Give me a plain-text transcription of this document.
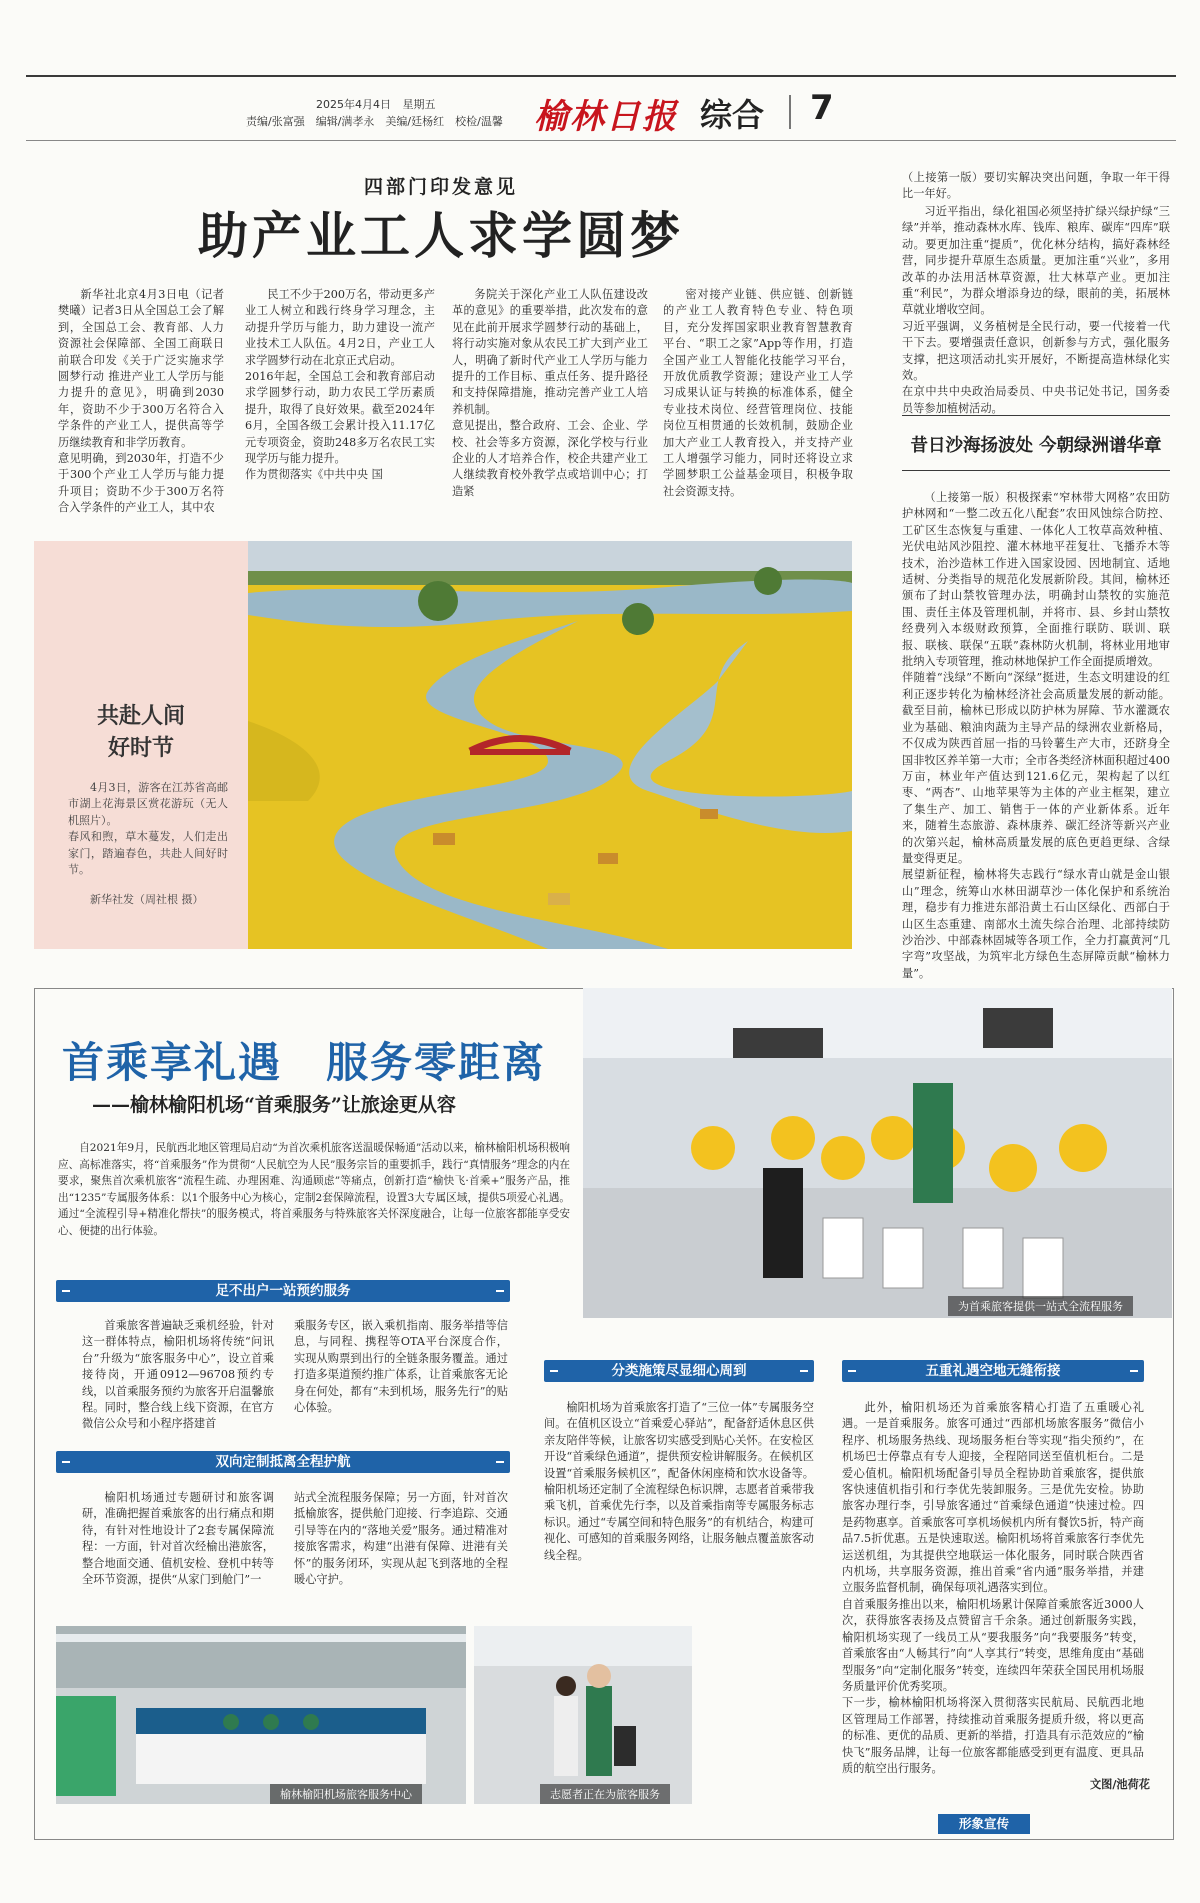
2025年4月4日 星期五
责编/张富强　编辑/满孝永　美编/廷杨红　校检/温馨 榆林日报 综合 7
四部门印发意见
助产业工人求学圆梦
新华社北京4月3日电（记者 樊曦）记者3日从全国总工会了解到，全国总工会、教育部、人力资源社会保障部、全国工商联日前联合印发《关于广泛实施求学圆梦行动 推进产业工人学历与能力提升的意见》，明确到2030年，资助不少于300万名符合入学条件的产业工人，提供高等学历继续教育和非学历教育。
意见明确，到2030年，打造不少于300个产业工人学历与能力提升项目；资助不少于300万名符合入学条件的产业工人，其中农
民工不少于200万名，带动更多产业工人树立和践行终身学习理念，主动提升学历与能力，助力建设一流产业技术工人队伍。4月2日，产业工人求学圆梦行动在北京正式启动。
2016年起，全国总工会和教育部启动求学圆梦行动，助力农民工学历素质提升，取得了良好效果。截至2024年6月，全国各级工会累计投入11.17亿元专项资金，资助248多万名农民工实现学历与能力提升。
作为贯彻落实《中共中央 国
务院关于深化产业工人队伍建设改革的意见》的重要举措，此次发布的意见在此前开展求学圆梦行动的基础上，将行动实施对象从农民工扩大到产业工人，明确了新时代产业工人学历与能力提升的工作目标、重点任务、提升路径和支持保障措施，推动完善产业工人培养机制。
意见提出，整合政府、工会、企业、学校、社会等多方资源，深化学校与行业企业的人才培养合作，校企共建产业工人继续教育校外教学点或培训中心；打造紧
密对接产业链、供应链、创新链的产业工人教育特色专业、特色项目，充分发挥国家职业教育智慧教育平台、“职工之家”App等作用，打造全国产业工人智能化技能学习平台，开放优质教学资源；建设产业工人学习成果认证与转换的标准体系，健全专业技术岗位、经营管理岗位、技能岗位互相贯通的长效机制，鼓励企业加大产业工人教育投入，并支持产业工人增强学习能力，同时还将设立求学圆梦职工公益基金项目，积极争取社会资源支持。
共赴人间
好时节
4月3日，游客在江苏省高邮市湖上花海景区赏花游玩（无人机照片）。
春风和煦，草木蔓发，人们走出家门，踏遍春色，共赴人间好时节。
新华社发（周社根 摄）
（上接第一版）要切实解决突出问题，争取一年干得比一年好。
习近平指出，绿化祖国必须坚持扩绿兴绿护绿“三绿”并举，推动森林水库、钱库、粮库、碳库“四库”联动。要更加注重“提质”，优化林分结构，搞好森林经营，同步提升草原生态质量。更加注重“兴业”，多用改革的办法用活林草资源，壮大林草产业。更加注重“利民”，为群众增添身边的绿，眼前的美，拓展林草就业增收空间。
习近平强调，义务植树是全民行动，要一代接着一代干下去。要增强责任意识，创新参与方式，强化服务支撑，把这项活动扎实开展好，不断提高造林绿化实效。
在京中共中央政治局委员、中央书记处书记，国务委员等参加植树活动。
昔日沙海扬波处 今朝绿洲谱华章
（上接第一版）积极探索“窄林带大网格”农田防护林网和“一整二改五化八配套”农田风蚀综合防控、工矿区生态恢复与重建、一体化人工牧草高效种植、光伏电站风沙阻控、灌木林地平茬复壮、飞播乔木等技术，治沙造林工作进入国家设园、因地制宜、适地适树、分类指导的规范化发展新阶段。其间，榆林还颁布了封山禁牧管理办法，明确封山禁牧的实施范围、责任主体及管理机制，并将市、县、乡封山禁牧经费列入本级财政预算，全面推行联防、联训、联报、联核、联保“五联”森林防火机制，将林业用地审批纳入专项管理，推动林地保护工作全面提质增效。
伴随着“浅绿”不断向“深绿”挺进，生态文明建设的红利正逐步转化为榆林经济社会高质量发展的新动能。截至目前，榆林已形成以防护林为屏障、节水灌溉农业为基础、粮油肉蔬为主导产品的绿洲农业新格局，不仅成为陕西首屈一指的马铃薯生产大市，还跻身全国非牧区养羊第一大市；全市各类经济林面积超过400万亩，林业年产值达到121.6亿元，架构起了以红枣、“两杏”、山地苹果等为主体的产业主框架，建立了集生产、加工、销售于一体的产业新体系。近年来，随着生态旅游、森林康养、碳汇经济等新兴产业的次第兴起，榆林高质量发展的底色更趋更绿、含绿量变得更足。
展望新征程，榆林将失志践行“绿水青山就是金山银山”理念，统筹山水林田湖草沙一体化保护和系统治理，稳步有力推进东部沿黄土石山区绿化、西部白于山区生态重建、南部水土流失综合治理、北部持续防沙治沙、中部森林固城等各项工作，全力打赢黄河“几字弯”攻坚战，为筑牢北方绿色生态屏障贡献“榆林力量”。
为首乘旅客提供一站式全流程服务
首乘享礼遇　服务零距离
——榆林榆阳机场“首乘服务”让旅途更从容
自2021年9月，民航西北地区管理局启动“为首次乘机旅客送温暖保畅通”活动以来，榆林榆阳机场积极响应、高标准落实，将“首乘服务”作为贯彻“人民航空为人民”服务宗旨的重要抓手，践行“真情服务”理念的内在要求，聚焦首次乘机旅客“流程生疏、办理困难、沟通顾虑”等痛点，创新打造“榆快飞·首乘+”服务产品，推出“1235”专属服务体系：以1个服务中心为核心，定制2套保障流程，设置3大专属区域，提供5项爱心礼遇。通过“全流程引导+精准化帮扶”的服务模式，将首乘服务与特殊旅客关怀深度融合，让每一位旅客都能享受安心、便捷的出行体验。
足不出户一站预约服务
首乘旅客普遍缺乏乘机经验，针对这一群体特点，榆阳机场将传统“问讯台”升级为“旅客服务中心”，设立首乘接待岗，开通0912—96708预约专线，以首乘服务预约为旅客开启温馨旅程。同时，整合线上线下资源，在官方微信公众号和小程序搭建首
乘服务专区，嵌入乘机指南、服务举措等信息，与同程、携程等OTA平台深度合作，实现从购票到出行的全链条服务覆盖。通过打造多渠道预约推广体系，让首乘旅客无论身在何处，都有“未到机场，服务先行”的贴心体验。
双向定制抵离全程护航
榆阳机场通过专题研讨和旅客调研，准确把握首乘旅客的出行痛点和期待，有针对性地设计了2套专属保障流程：一方面，针对首次经榆出港旅客，整合地面交通、值机安检、登机中转等全环节资源，提供“从家门到舱门”一
站式全流程服务保障；另一方面，针对首次抵榆旅客，提供舱门迎接、行李追踪、交通引导等在内的“落地关爱”服务。通过精准对接旅客需求，构建“出港有保障、进港有关怀”的服务闭环，实现从起飞到落地的全程暖心守护。
分类施策尽显细心周到
榆阳机场为首乘旅客打造了“三位一体”专属服务空间。在值机区设立“首乘爱心驿站”，配备舒适休息区供亲友陪伴等候，让旅客切实感受到贴心关怀。在安检区开设“首乘绿色通道”，提供预安检讲解服务。在候机区设置“首乘服务候机区”，配备休闲座椅和饮水设备等。榆阳机场还定制了全流程绿色标识牌，志愿者首乘带我乘飞机，首乘优先行李，以及首乘指南等专属服务标志标识。通过“专属空间和特色服务”的有机结合，构建可视化、可感知的首乘服务网络，让服务触点覆盖旅客动线全程。
五重礼遇空地无缝衔接
此外，榆阳机场还为首乘旅客精心打造了五重暖心礼遇。一是首乘服务。旅客可通过“西部机场旅客服务”微信小程序、机场服务热线、现场服务柜台等实现“指尖预约”，在机场巴士停靠点有专人迎接，全程陪同送至值机柜台。二是爱心值机。榆阳机场配备引导员全程协助首乘旅客，提供旅客快速值机指引和行李优先装卸服务。三是优先安检。协助旅客办理行李，引导旅客通过“首乘绿色通道”快速过检。四是药物惠享。首乘旅客可享机场候机内所有餐饮5折，特产商品7.5折优惠。五是快速取送。榆阳机场将首乘旅客行李优先运送机组，为其提供空地联运一体化服务，同时联合陕西省内机场，共享服务资源，推出首乘“省内通”服务举措，并建立服务监督机制，确保每项礼遇落实到位。
自首乘服务推出以来，榆阳机场累计保障首乘旅客近3000人次，获得旅客表扬及点赞留言千余条。通过创新服务实践，榆阳机场实现了一线员工从“要我服务”向“我要服务”转变，首乘旅客由“人畅其行”向“人享其行”转变，思维角度由“基础型服务”向“定制化服务”转变，连续四年荣获全国民用机场服务质量评价优秀奖项。
下一步，榆林榆阳机场将深入贯彻落实民航局、民航西北地区管理局工作部署，持续推动首乘服务提质升级，将以更高的标准、更优的品质、更新的举措，打造具有示范效应的“榆快飞”服务品牌，让每一位旅客都能感受到更有温度、更具品质的航空出行服务。
文图/池荷花
榆林榆阳机场旅客服务中心	志愿者正在为旅客服务
形象宣传
